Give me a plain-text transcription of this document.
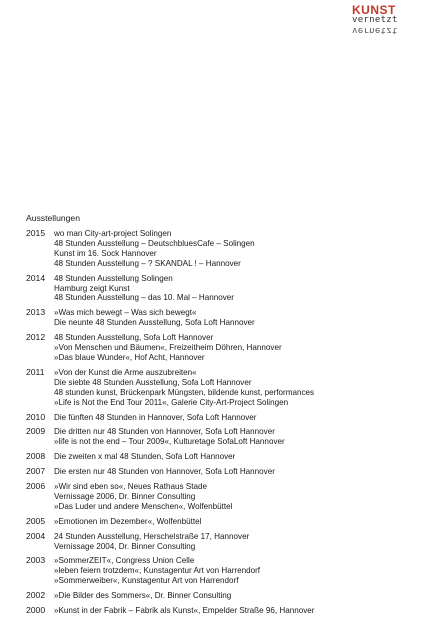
KUNST
vernetzt
vernetzt
Ausstellungen
2015	wo man City-art-project Solingen
48 Stunden Ausstellung – DeutschbluesCafe – Solingen
Kunst im 16. Sock Hannover
48 Stunden Ausstellung – ? SKANDAL ! – Hannover
2014	48 Stunden Ausstellung Solingen
Hamburg zeigt Kunst
48 Stunden Ausstellung – das 10. Mal – Hannover
2013	»Was mich bewegt – Was sich bewegt«
Die neunte 48 Stunden Ausstellung, Sofa Loft Hannover
2012	48 Stunden Ausstellung, Sofa Loft Hannover
»Von Menschen und Bäumen«, Freizeitheim Döhren, Hannover
»Das blaue Wunder«, Hof Acht, Hannover
2011	»Von der Kunst die Arme auszubreiten«
Die siebte 48 Stunden Ausstellung, Sofa Loft Hannover
48 stunden kunst, Brückenpark Müngsten, bildende kunst, performances
»Life is Not the End Tour 2011«, Galerie City-Art-Project Solingen
2010	Die fünften 48 Stunden in Hannover, Sofa Loft Hannover
2009	Die dritten nur 48 Stunden von Hannover, Sofa Loft Hannover
»life is not the end – Tour 2009«, Kulturetage SofaLoft Hannover
2008	Die zweiten x mal 48 Stunden, Sofa Loft Hannover
2007	Die ersten nur 48 Stunden von Hannover, Sofa Loft Hannover
2006	»Wir sind eben so«, Neues Rathaus Stade
Vernissage 2006, Dr. Binner Consulting
»Das Luder und andere Menschen«, Wolfenbüttel
2005	»Emotionen im Dezember«, Wolfenbüttel
2004	24 Stunden Ausstellung, Herschelstraße 17, Hannover
Vernissage 2004, Dr. Binner Consulting
2003	»SommerZEIT«, Congress Union Celle
»leben feiern trotzdem«, Kunstagentur Art von Harrendorf
»Sommerweiber«, Kunstagentur Art von Harrendorf
2002	»Die Bilder des Sommers«, Dr. Binner Consulting
2000	»Kunst in der Fabrik – Fabrik als Kunst«, Empelder Straße 96, Hannover
